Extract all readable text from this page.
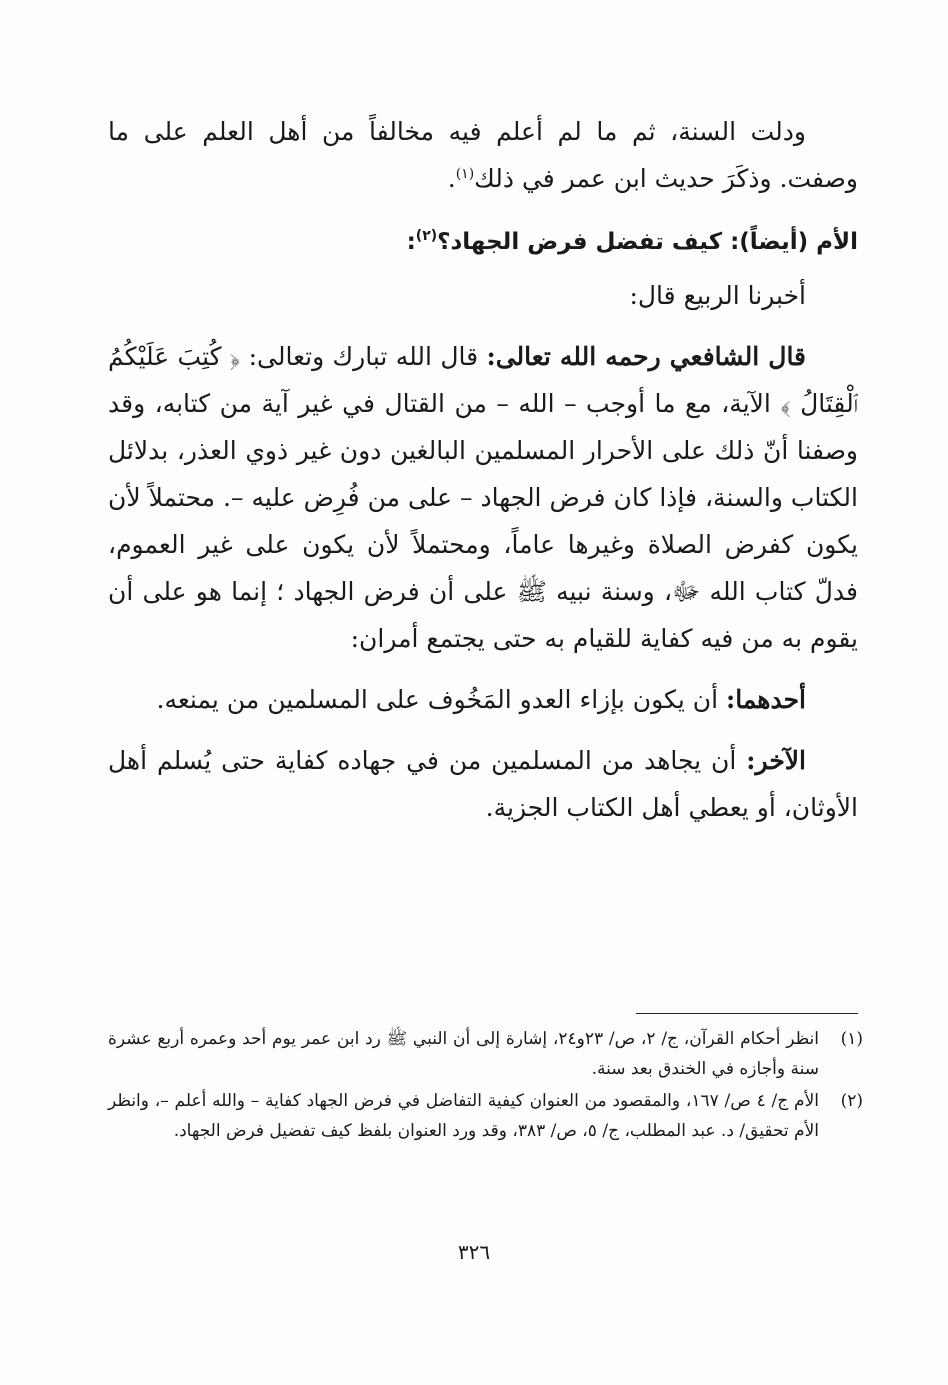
ودلت السنة، ثم ما لم أعلم فيه مخالفاً من أهل العلم على ما وصفت. وذكَرَ حديث ابن عمر في ذلك$^{(١)}$.

الأم (أيضاً): كيف تفضل فرض الجهاد؟$^{(٢)}$:

أخبرنا الربيع قال:

قال الشافعي رحمه الله تعالى: قال الله تبارك وتعالى: ﴿ كُتِبَ عَلَيْكُمُ ٱلْقِتَالُ ﴾ الآية، مع ما أوجب – الله – من القتال في غير آية من كتابه، وقد وصفنا أنّ ذلك على الأحرار المسلمين البالغين دون غير ذوي العذر، بدلائل الكتاب والسنة، فإذا كان فرض الجهاد – على من فُرِض عليه –. محتملاً لأن يكون كفرض الصلاة وغيرها عاماً، ومحتملاً لأن يكون على غير العموم، فدلّ كتاب الله ﷻ، وسنة نبيه ﷺ على أن فرض الجهاد ؛ إنما هو على أن يقوم به من فيه كفاية للقيام به حتى يجتمع أمران:

أحدهما: أن يكون بإزاء العدو المَخُوف على المسلمين من يمنعه.

الآخر: أن يجاهد من المسلمين من في جهاده كفاية حتى يُسلم أهل الأوثان، أو يعطي أهل الكتاب الجزية.

(١)
انظر أحكام القرآن، ج/ ٢، ص/ ٢٣و٢٤، إشارة إلى أن النبي ﷺ رد ابن عمر يوم أحد وعمره أربع عشرة سنة وأجازه في الخندق بعد سنة.
(٢)
الأم ج/ ٤ ص/ ١٦٧، والمقصود من العنوان كيفية التفاضل في فرض الجهاد كفاية – والله أعلم –، وانظر الأم تحقيق/ د. عبد المطلب، ج/ ٥، ص/ ٣٨٣، وقد ورد العنوان بلفظ كيف تفضيل فرض الجهاد.
٣٢٦
